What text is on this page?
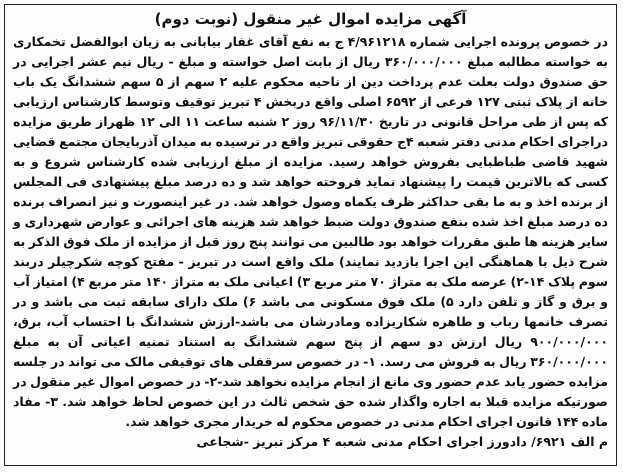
آگهی مزایده اموال غیر منقول (نوبت دوم)

در خصوص پرونده اجرایی شماره ۴/۹۶۱۲۱۸ ج به نفع آقای غفار بیابانی به زیان ابوالفضل تخمکاری به خواسته مطالبه مبلغ ۳۶۰/۰۰۰/۰۰۰ ریال از بابت اصل خواسته و مبلغ - ریال نیم عشر اجرایی در حق صندوق دولت بعلت عدم پرداخت دین از ناحیه محکوم علیه ۲ سهم از ۵ سهم ششدانگ یک باب خانه از پلاک ثبتی ۱۲۷ فرعی از ۶۵۹۲ اصلی واقع دربخش ۴ تبریز توقیف وتوسط کارشناس ارزیابی که پس از طی مراحل قانونی در تاریخ ۹۶/۱۱/۳۰ روز ۲ شنبه ساعت ۱۱ الی ۱۲ ظهراز طریق مزایده دراجرای احکام مدنی دفتر شعبه ۴ج حقوقی تبریز واقع در نرسیده به میدان آذربایجان مجتمع قضایی شهید قاضی طباطبایی بفروش خواهد رسید. مزایده از مبلغ ارزیابی شده کارشناس شروع و به کسی که بالاترین قیمت را پیشنهاد نماید فروخته خواهد شد و ده درصد مبلغ پیشنهادی فی المجلس از برنده اخذ و به ما بقی حداکثر ظرف یکماه وصول خواهد شد. در غیر اینصورت و نیز انصراف برنده ده درصد مبلغ اخذ شده بنفع صندوق دولت ضبط خواهد شد هزینه های اجرائی و عوارض شهرداری و سایر هزینه ها طبق مقررات خواهد بود طالبین می توانند پنج روز قبل از مزایده از ملک فوق الذکر به شرح ذیل با هماهنگی این اجرا بازدید نمایند) ملک واقع است در تبریز - مفتح کوچه شکرچیلر دربند سوم پلاک ۱۴-۲) عرصه ملک به متراژ ۷۰ متر مربع ۳) اعیانی ملک به متراژ ۱۴۰ متر مربع ۴) امتیاز آب و برق و گاز و تلفن دارد ۵) ملک فوق مسکونی می باشد ۶) ملک دارای سابقه ثبت می باشد و در تصرف خانمها رباب و طاهره شکاریزاده ومادرشان می باشد-ارزش ششدانگ با احتساب آب، برق، ۹۰۰/۰۰۰/۰۰۰ ریال ارزش دو سهم از پنج سهم ششدانگ به استناد تمنیه اعیانی آن به مبلغ ۳۶۰/۰۰۰/۰۰۰ ریال به فروش می رسد. ۱- در خصوص سرقفلی های توقیفی مالک می تواند در جلسه مزایده حضور یابد عدم حضور وی مانع از انجام مزایده نخواهد شد-۲- در خصوص اموال غیر منقول در صورتیکه مزایده قبلا به اجاره واگذار شده حق شخص ثالث در این خصوص لحاظ خواهد شد. ۳- مفاد ماده ۱۴۴ قانون اجرای احکام مدنی در خصوص محکوم له خریدار مجری خواهد شد.

م الف ۶۹۲۱/ دادورز اجرای احکام مدنی شعبه ۴ مرکز تبریز -شجاعی
